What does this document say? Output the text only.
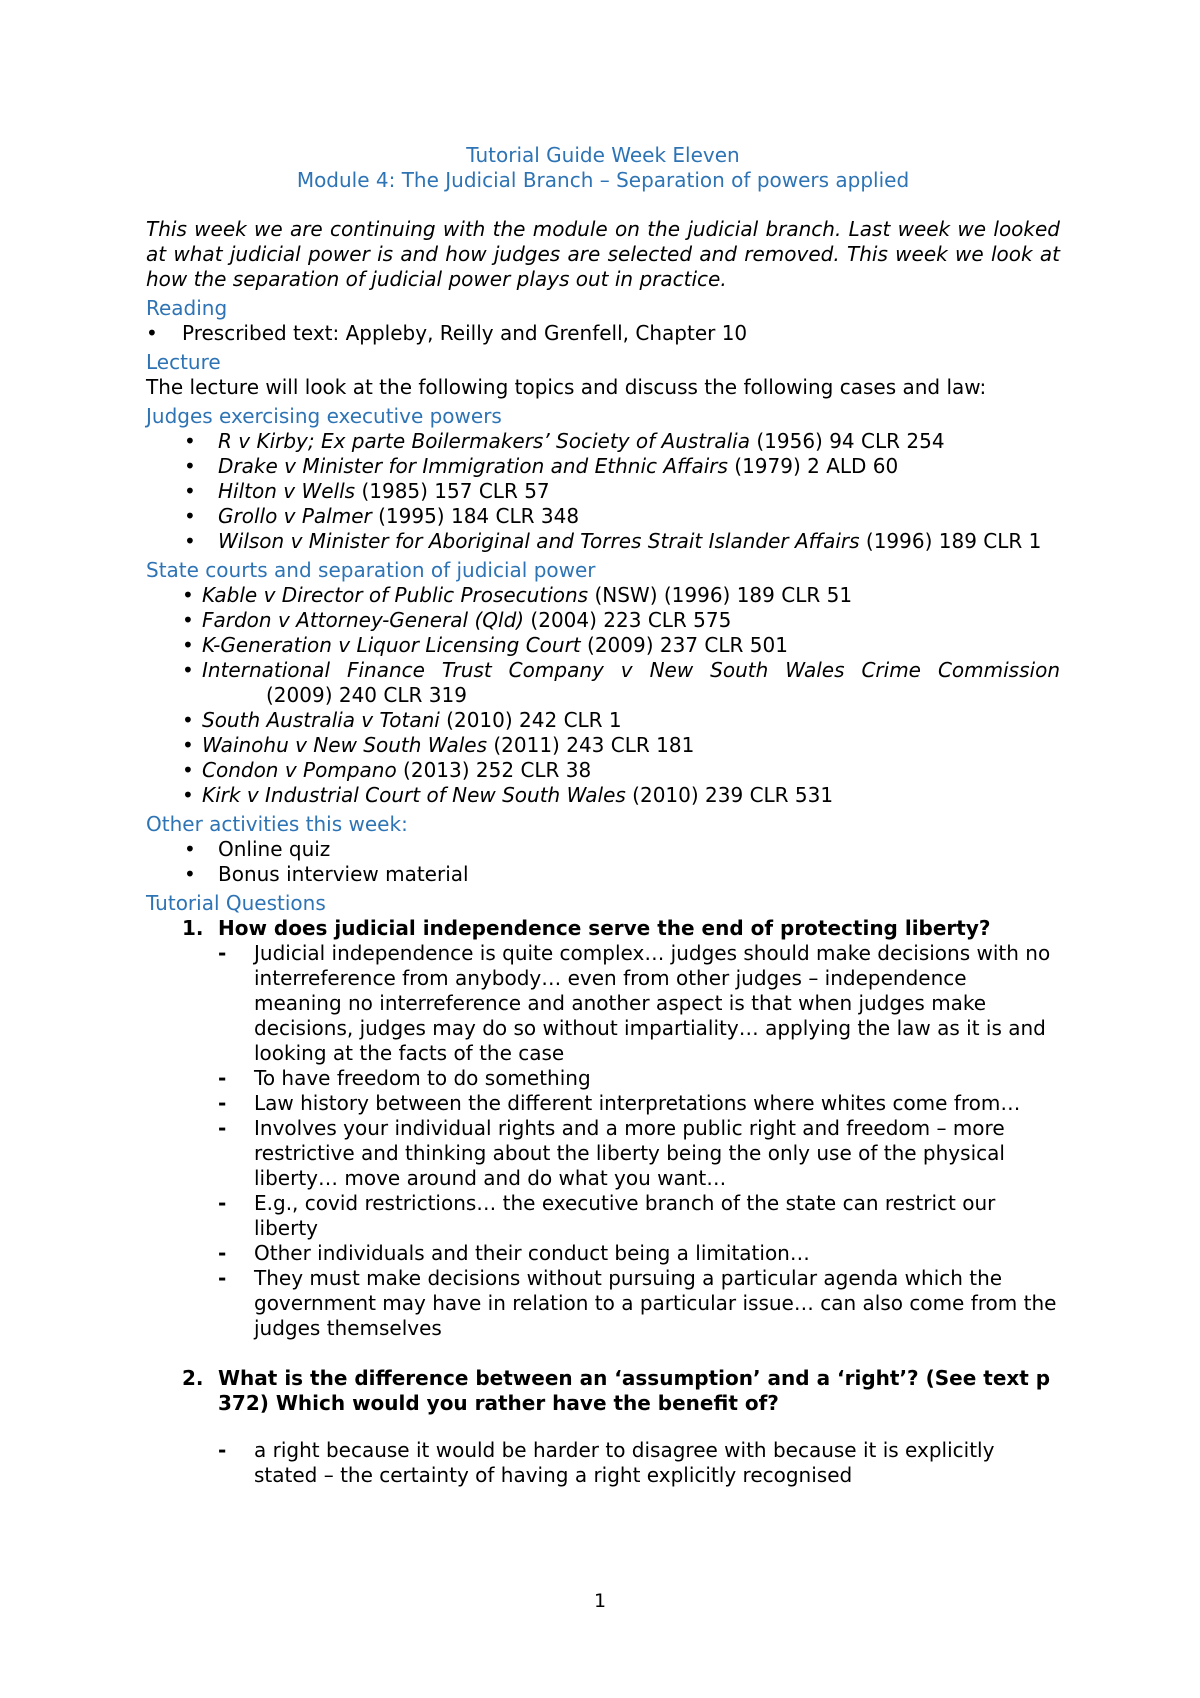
Tutorial Guide Week Eleven
Module 4: The Judicial Branch – Separation of powers applied
This week we are continuing with the module on the judicial branch. Last week we looked at what judicial power is and how judges are selected and removed. This week we look at how the separation of judicial power plays out in practice.
Reading
• Prescribed text: Appleby, Reilly and Grenfell, Chapter 10
Lecture
The lecture will look at the following topics and discuss the following cases and law:
Judges exercising executive powers
• R v Kirby; Ex parte Boilermakers’ Society of Australia (1956) 94 CLR 254
• Drake v Minister for Immigration and Ethnic Affairs (1979) 2 ALD 60
• Hilton v Wells (1985) 157 CLR 57
• Grollo v Palmer (1995) 184 CLR 348
• Wilson v Minister for Aboriginal and Torres Strait Islander Affairs (1996) 189 CLR 1
State courts and separation of judicial power
• Kable v Director of Public Prosecutions (NSW) (1996) 189 CLR 51
• Fardon v Attorney-General (Qld) (2004) 223 CLR 575
• K-Generation v Liquor Licensing Court (2009) 237 CLR 501
• International Finance Trust Company v New South Wales Crime Commission
(2009) 240 CLR 319
• South Australia v Totani (2010) 242 CLR 1
• Wainohu v New South Wales (2011) 243 CLR 181
• Condon v Pompano (2013) 252 CLR 38
• Kirk v Industrial Court of New South Wales (2010) 239 CLR 531
Other activities this week:
• Online quiz
• Bonus interview material
Tutorial Questions
1. How does judicial independence serve the end of protecting liberty?
- Judicial independence is quite complex… judges should make decisions with no interreference from anybody… even from other judges – independence meaning no interreference and another aspect is that when judges make decisions, judges may do so without impartiality… applying the law as it is and looking at the facts of the case
- To have freedom to do something
- Law history between the different interpretations where whites come from…
- Involves your individual rights and a more public right and freedom – more restrictive and thinking about the liberty being the only use of the physical liberty… move around and do what you want…
- E.g., covid restrictions… the executive branch of the state can restrict our liberty
- Other individuals and their conduct being a limitation…
- They must make decisions without pursuing a particular agenda which the government may have in relation to a particular issue… can also come from the judges themselves
2. What is the difference between an ‘assumption’ and a ‘right’? (See text p 372) Which would you rather have the benefit of?
- a right because it would be harder to disagree with because it is explicitly stated – the certainty of having a right explicitly recognised
1
